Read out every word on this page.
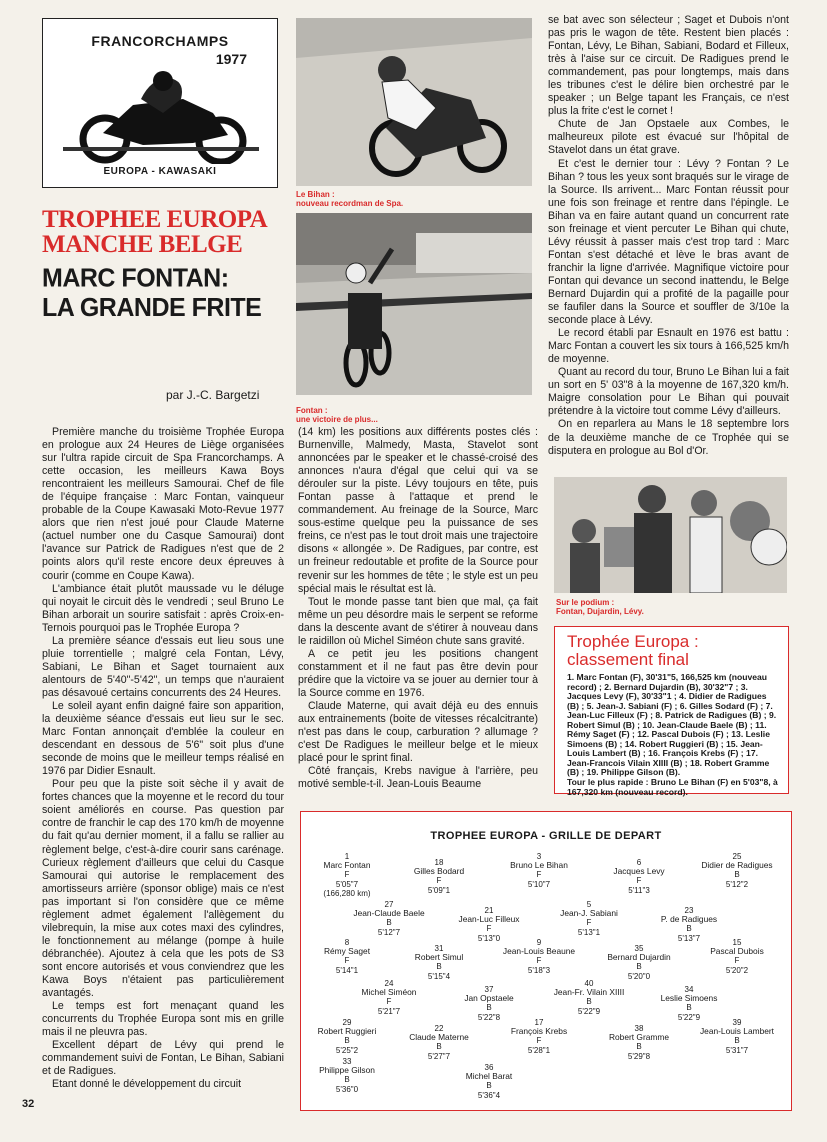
FRANCORCHAMPS
1977
EUROPA - KAWASAKI
TROPHEE EUROPA
MANCHE BELGE
MARC FONTAN:
LA GRANDE FRITE
par J.-C. Bargetzi
Le Bihan :
nouveau recordman de Spa.
Fontan :
une victoire de plus...
Sur le podium :
Fontan, Dujardin, Lévy.

Première manche du troisième Trophée Europa en prologue aux 24 Heures de Liège organisées sur l'ultra rapide circuit de Spa Francorchamps. A cette occasion, les meilleurs Kawa Boys rencontraient les meilleurs Samourai. Chef de file de l'équipe française : Marc Fontan, vainqueur probable de la Coupe Kawasaki Moto-Revue 1977 alors que rien n'est joué pour Claude Materne (actuel number one du Casque Samourai) dont l'avance sur Patrick de Radigues n'est que de 2 points alors qu'il reste encore deux épreuves à courir (comme en Coupe Kawa).

L'ambiance était plutôt maussade vu le déluge qui noyait le circuit dès le vendredi ; seul Bruno Le Bihan arborait un sourire satisfait : après Croix-en-Ternois pourquoi pas le Trophée Europa ?

La première séance d'essais eut lieu sous une pluie torrentielle ; malgré cela Fontan, Lévy, Sabiani, Le Bihan et Saget tournaient aux alentours de 5'40"-5'42", un temps que n'auraient pas désavoué certains concurrents des 24 Heures.

Le soleil ayant enfin daigné faire son apparition, la deuxième séance d'essais eut lieu sur le sec. Marc Fontan annonçait d'emblée la couleur en descendant en dessous de 5'6" soit plus d'une seconde de moins que le meilleur temps réalisé en 1976 par Didier Esnault.

Pour peu que la piste soit sèche il y avait de fortes chances que la moyenne et le record du tour soient améliorés en course. Pas question par contre de franchir le cap des 170 km/h de moyenne du fait qu'au dernier moment, il a fallu se rallier au règlement belge, c'est-à-dire courir sans carénage. Curieux règlement d'ailleurs que celui du Casque Samourai qui autorise le remplacement des amortisseurs arrière (sponsor oblige) mais ce n'est pas important si l'on considère que ce même règlement admet également l'allègement du vilebrequin, la mise aux cotes maxi des cylindres, le fonctionnement au mélange (pompe à huile débranchée). Ajoutez à cela que les pots de S3 sont encore autorisés et vous conviendrez que les Kawa Boys n'étaient pas particulièrement avantagés.

Le temps est fort menaçant quand les concurrents du Trophée Europa sont mis en grille mais il ne pleuvra pas.

Excellent départ de Lévy qui prend le commandement suivi de Fontan, Le Bihan, Sabiani et de Radigues.

Etant donné le développement du circuit

(14 km) les positions aux différents postes clés : Burnenville, Malmedy, Masta, Stavelot sont annoncées par le speaker et le chassé-croisé des annonces n'aura d'égal que celui qui va se dérouler sur la piste. Lévy toujours en tête, puis Fontan passe à l'attaque et prend le commandement. Au freinage de la Source, Marc sous-estime quelque peu la puissance de ses freins, ce n'est pas le tout droit mais une trajectoire disons « allongée ». De Radigues, par contre, est un freineur redoutable et profite de la Source pour revenir sur les hommes de tête ; le style est un peu spécial mais le résultat est là.

Tout le monde passe tant bien que mal, ça fait même un peu désordre mais le serpent se reforme dans la descente avant de s'étirer à nouveau dans le raidillon où Michel Siméon chute sans gravité.

A ce petit jeu les positions changent constamment et il ne faut pas être devin pour prédire que la victoire va se jouer au dernier tour à la Source comme en 1976.

Claude Materne, qui avait déjà eu des ennuis aux entrainements (boite de vitesses récalcitrante) n'est pas dans le coup, carburation ? allumage ? c'est De Radigues le meilleur belge et le mieux placé pour le sprint final.

Côté français, Krebs navigue à l'arrière, peu motivé semble-t-il. Jean-Louis Beaume

se bat avec son sélecteur ; Saget et Dubois n'ont pas pris le wagon de tête. Restent bien placés : Fontan, Lévy, Le Bihan, Sabiani, Bodard et Filleux, très à l'aise sur ce circuit. De Radigues prend le commandement, pas pour longtemps, mais dans les tribunes c'est le délire bien orchestré par le speaker ; un Belge tapant les Français, ce n'est plus la frite c'est le cornet !

Chute de Jan Opstaele aux Combes, le malheureux pilote est évacué sur l'hôpital de Stavelot dans un état grave.

Et c'est le dernier tour : Lévy ? Fontan ? Le Bihan ? tous les yeux sont braqués sur le virage de la Source. Ils arrivent... Marc Fontan réussit pour une fois son freinage et rentre dans l'épingle. Le Bihan va en faire autant quand un concurrent rate son freinage et vient percuter Le Bihan qui chute, Lévy réussit à passer mais c'est trop tard : Marc Fontan s'est détaché et lève le bras avant de franchir la ligne d'arrivée. Magnifique victoire pour Fontan qui devance un second inattendu, le Belge Bernard Dujardin qui a profité de la pagaille pour se faufiler dans la Source et souffler de 3/10e la seconde place à Lévy.

Le record établi par Esnault en 1976 est battu : Marc Fontan a couvert les six tours à 166,525 km/h de moyenne.

Quant au record du tour, Bruno Le Bihan lui a fait un sort en 5' 03"8 à la moyenne de 167,320 km/h. Maigre consolation pour Le Bihan qui pouvait prétendre à la victoire tout comme Lévy d'ailleurs.

On en reparlera au Mans le 18 septembre lors de la deuxième manche de ce Trophée qui se disputera en prologue au Bol d'Or.

Trophée Europa :
classement final
1. Marc Fontan (F), 30'31"5, 166,525 km (nouveau record) ; 2. Bernard Dujardin (B), 30'32"7 ; 3. Jacques Levy (F), 30'33"1 ; 4. Didier de Radigues (B) ; 5. Jean-J. Sabiani (F) ; 6. Gilles Sodard (F) ; 7. Jean-Luc Filleux (F) ; 8. Patrick de Radigues (B) ; 9. Robert Simul (B) ; 10. Jean-Claude Baele (B) ; 11. Rémy Saget (F) ; 12. Pascal Dubois (F) ; 13. Leslie Simoens (B) ; 14. Robert Ruggieri (B) ; 15. Jean-Louis Lambert (B) ; 16. François Krebs (F) ; 17. Jean-Francois Vilain XIIII (B) ; 18. Robert Gramme (B) ; 19. Philippe Gilson (B).
Tour le plus rapide : Bruno Le Bihan (F) en 5'03"8, à 167,320 km (nouveau record).
TROPHEE EUROPA - GRILLE DE DEPART
1
Marc Fontan
F
5'05"7
(166,280 km)
18
Gilles Bodard
F
5'09"1
3
Bruno Le Bihan
F
5'10"7
6
Jacques Levy
F
5'11"3
25
Didier de Radigues
B
5'12"2
27
Jean-Claude Baele
B
5'12"7
21
Jean-Luc Filleux
F
5'13"0
5
Jean-J. Sabiani
F
5'13"1
23
P. de Radigues
B
5'13"7
8
Rémy Saget
F
5'14"1
31
Robert Simul
B
5'15"4
9
Jean-Louis Beaune
F
5'18"3
35
Bernard Dujardin
B
5'20"0
15
Pascal Dubois
F
5'20"2
24
Michel Siméon
F
5'21"7
37
Jan Opstaele
B
5'22"8
40
Jean-Fr. Vilain XIIII
B
5'22"9
34
Leslie Simoens
B
5'22"9
29
Robert Ruggieri
B
5'25"2
22
Claude Materne
B
5'27"7
17
François Krebs
F
5'28"1
38
Robert Gramme
B
5'29"8
39
Jean-Louis Lambert
B
5'31"7
33
Philippe Gilson
B
5'36"0
36
Michel Barat
B
5'36"4
32
